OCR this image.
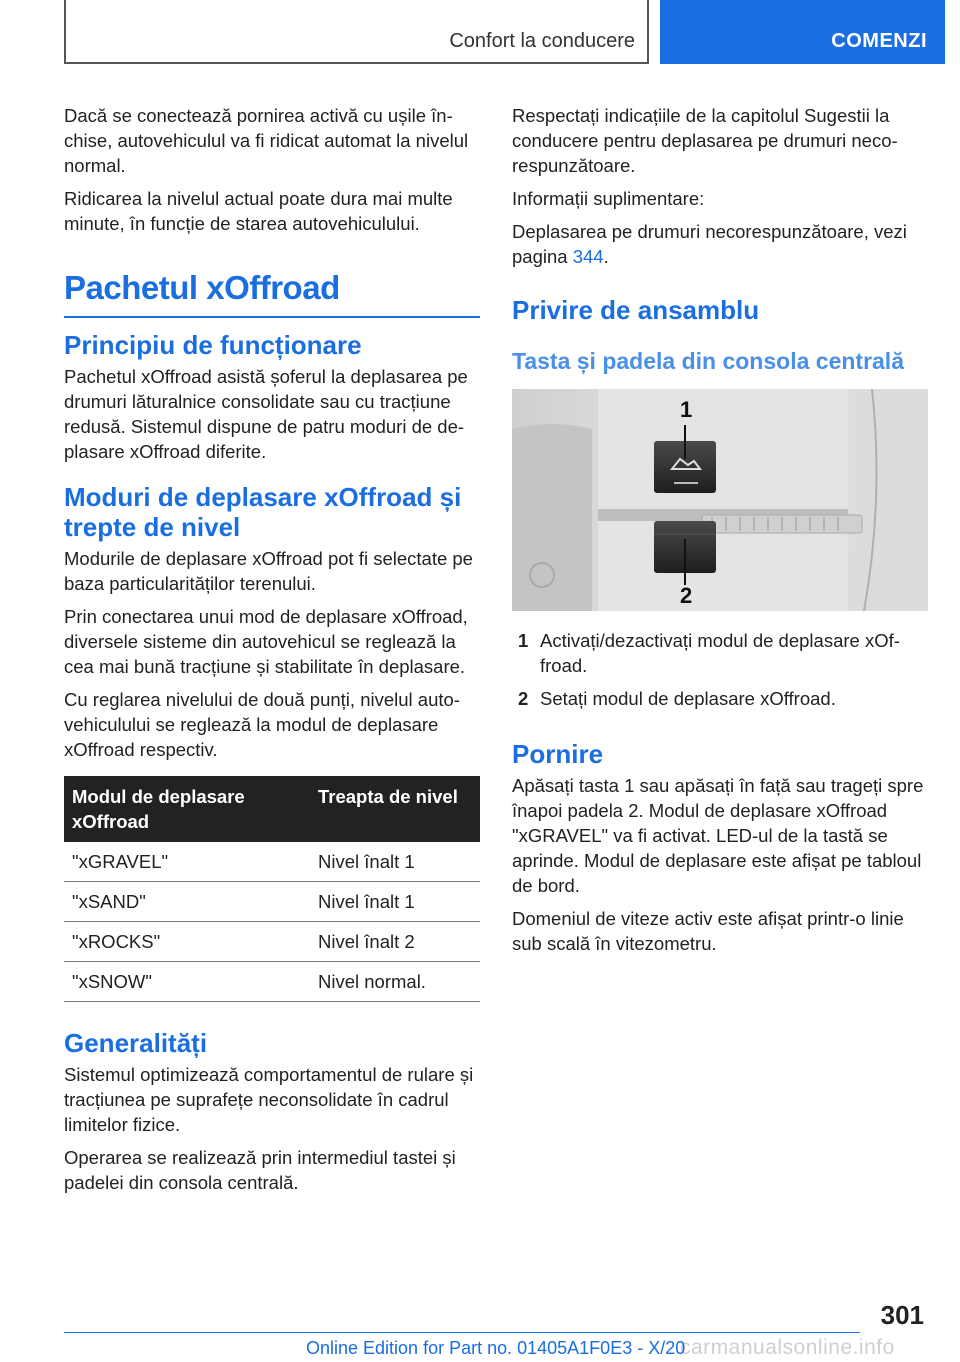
Confort la conducere	COMENZI

Dacă se conectează pornirea activă cu ușile închise, autovehiculul va fi ridicat automat la nivelul normal.

Ridicarea la nivelul actual poate dura mai multe minute, în funcție de starea autovehiculului.

Pachetul xOffroad
Principiu de funcționare

Pachetul xOffroad asistă șoferul la deplasarea pe drumuri lăturalnice consolidate sau cu tracțiune redusă. Sistemul dispune de patru moduri de deplasare xOffroad diferite.

Moduri de deplasare xOffroad și trepte de nivel

Modurile de deplasare xOffroad pot fi selectate pe baza particularităților terenului.

Prin conectarea unui mod de deplasare xOffroad, diversele sisteme din autovehicul se reglează la cea mai bună tracțiune și stabilitate în deplasare.

Cu reglarea nivelului de două punți, nivelul autovehiculului se reglează la modul de deplasare xOffroad respectiv.

Modul de deplasare xOffroad	Treapta de nivel
"xGRAVEL"	Nivel înalt 1
"xSAND"	Nivel înalt 1
"xROCKS"	Nivel înalt 2
"xSNOW"	Nivel normal.
Generalități

Sistemul optimizează comportamentul de rulare și tracțiunea pe suprafețe neconsolidate în cadrul limitelor fizice.

Operarea se realizează prin intermediul tastei și padelei din consola centrală.

Respectați indicațiile de la capitolul Sugestii la conducere pentru deplasarea pe drumuri necorespunzătoare.

Informații suplimentare:

Deplasarea pe drumuri necorespunzătoare, vezi pagina 344.

Privire de ansamblu
Tasta și padela din consola centrală
1
2
1 Activați/dezactivați modul de deplasare xOffroad.

2 Setați modul de deplasare xOffroad.

Pornire

Apăsați tasta 1 sau apăsați în față sau trageți spre înapoi padela 2. Modul de deplasare xOffroad "xGRAVEL" va fi activat. LED-ul de la tastă se aprinde. Modul de deplasare este afișat pe tabloul de bord.

Domeniul de viteze activ este afișat printr-o linie sub scală în vitezometru.

301
carmanualsonline.info
Online Edition for Part no. 01405A1F0E3 - X/20
